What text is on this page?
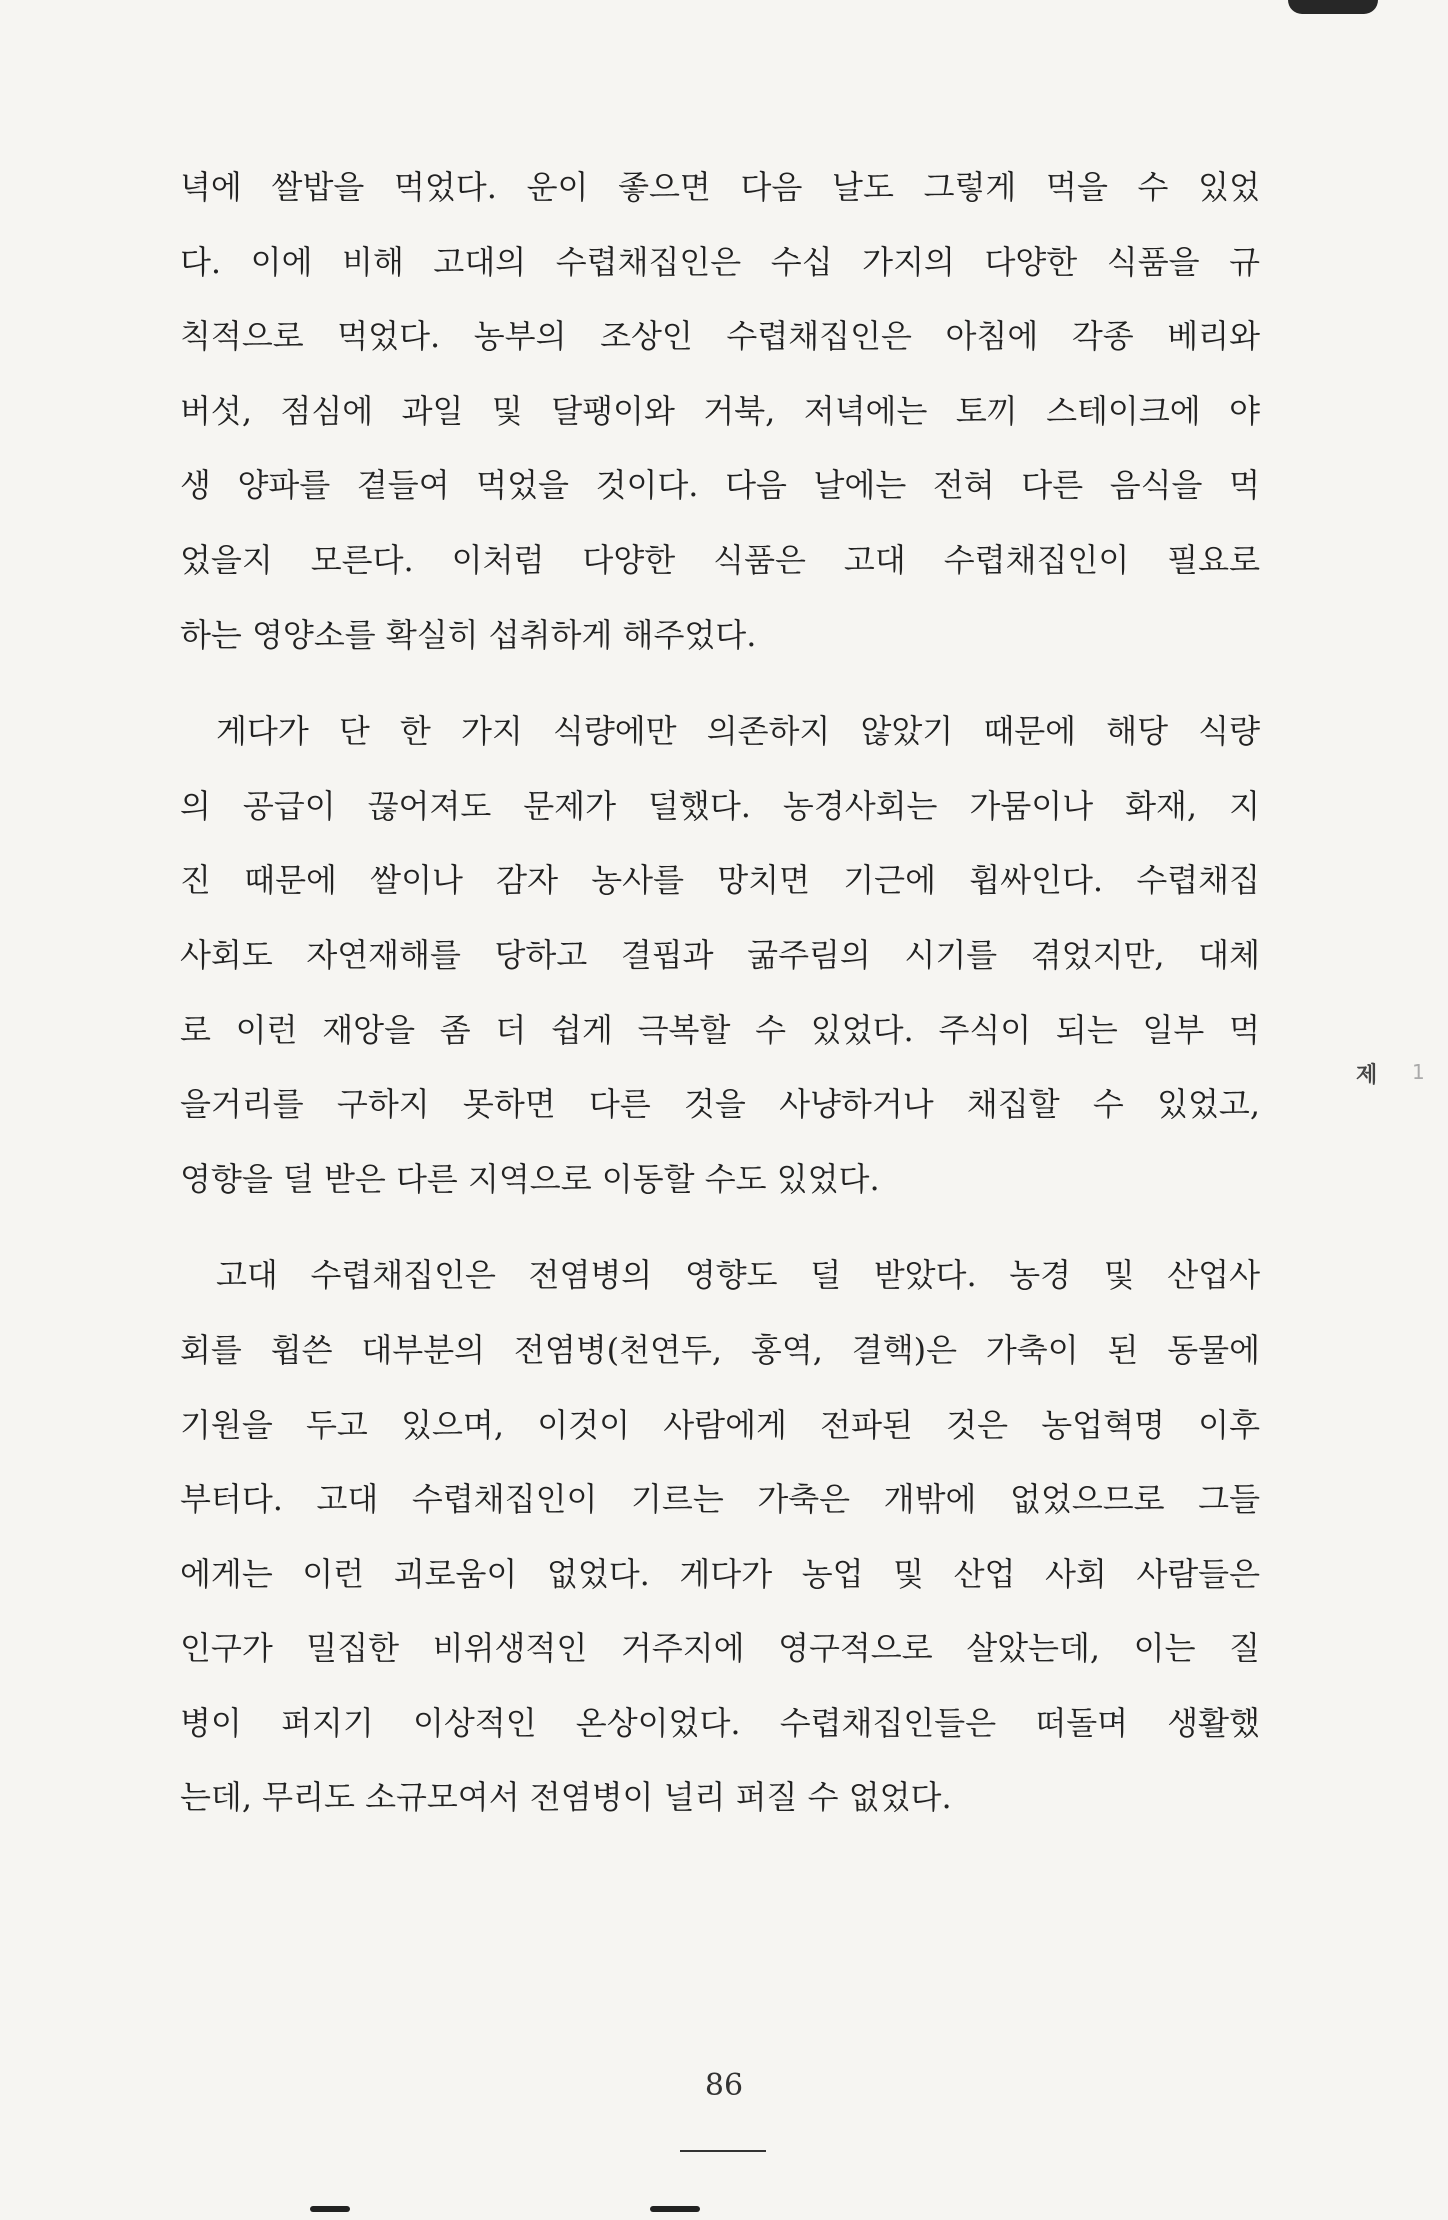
녁에 쌀밥을 먹었다. 운이 좋으면 다음 날도 그렇게 먹을 수 있었
다. 이에 비해 고대의 수렵채집인은 수십 가지의 다양한 식품을 규
칙적으로 먹었다. 농부의 조상인 수렵채집인은 아침에 각종 베리와
버섯, 점심에 과일 및 달팽이와 거북, 저녁에는 토끼 스테이크에 야
생 양파를 곁들여 먹었을 것이다. 다음 날에는 전혀 다른 음식을 먹
었을지 모른다. 이처럼 다양한 식품은 고대 수렵채집인이 필요로
하는 영양소를 확실히 섭취하게 해주었다.

게다가 단 한 가지 식량에만 의존하지 않았기 때문에 해당 식량
의 공급이 끊어져도 문제가 덜했다. 농경사회는 가뭄이나 화재, 지
진 때문에 쌀이나 감자 농사를 망치면 기근에 휩싸인다. 수렵채집
사회도 자연재해를 당하고 결핍과 굶주림의 시기를 겪었지만, 대체
로 이런 재앙을 좀 더 쉽게 극복할 수 있었다. 주식이 되는 일부 먹
을거리를 구하지 못하면 다른 것을 사냥하거나 채집할 수 있었고,
영향을 덜 받은 다른 지역으로 이동할 수도 있었다.

고대 수렵채집인은 전염병의 영향도 덜 받았다. 농경 및 산업사
회를 휩쓴 대부분의 전염병(천연두, 홍역, 결핵)은 가축이 된 동물에
기원을 두고 있으며, 이것이 사람에게 전파된 것은 농업혁명 이후
부터다. 고대 수렵채집인이 기르는 가축은 개밖에 없었으므로 그들
에게는 이런 괴로움이 없었다. 게다가 농업 및 산업 사회 사람들은
인구가 밀집한 비위생적인 거주지에 영구적으로 살았는데, 이는 질
병이 퍼지기 이상적인 온상이었다. 수렵채집인들은 떠돌며 생활했
는데, 무리도 소규모여서 전염병이 널리 퍼질 수 없었다.

제 1
86
